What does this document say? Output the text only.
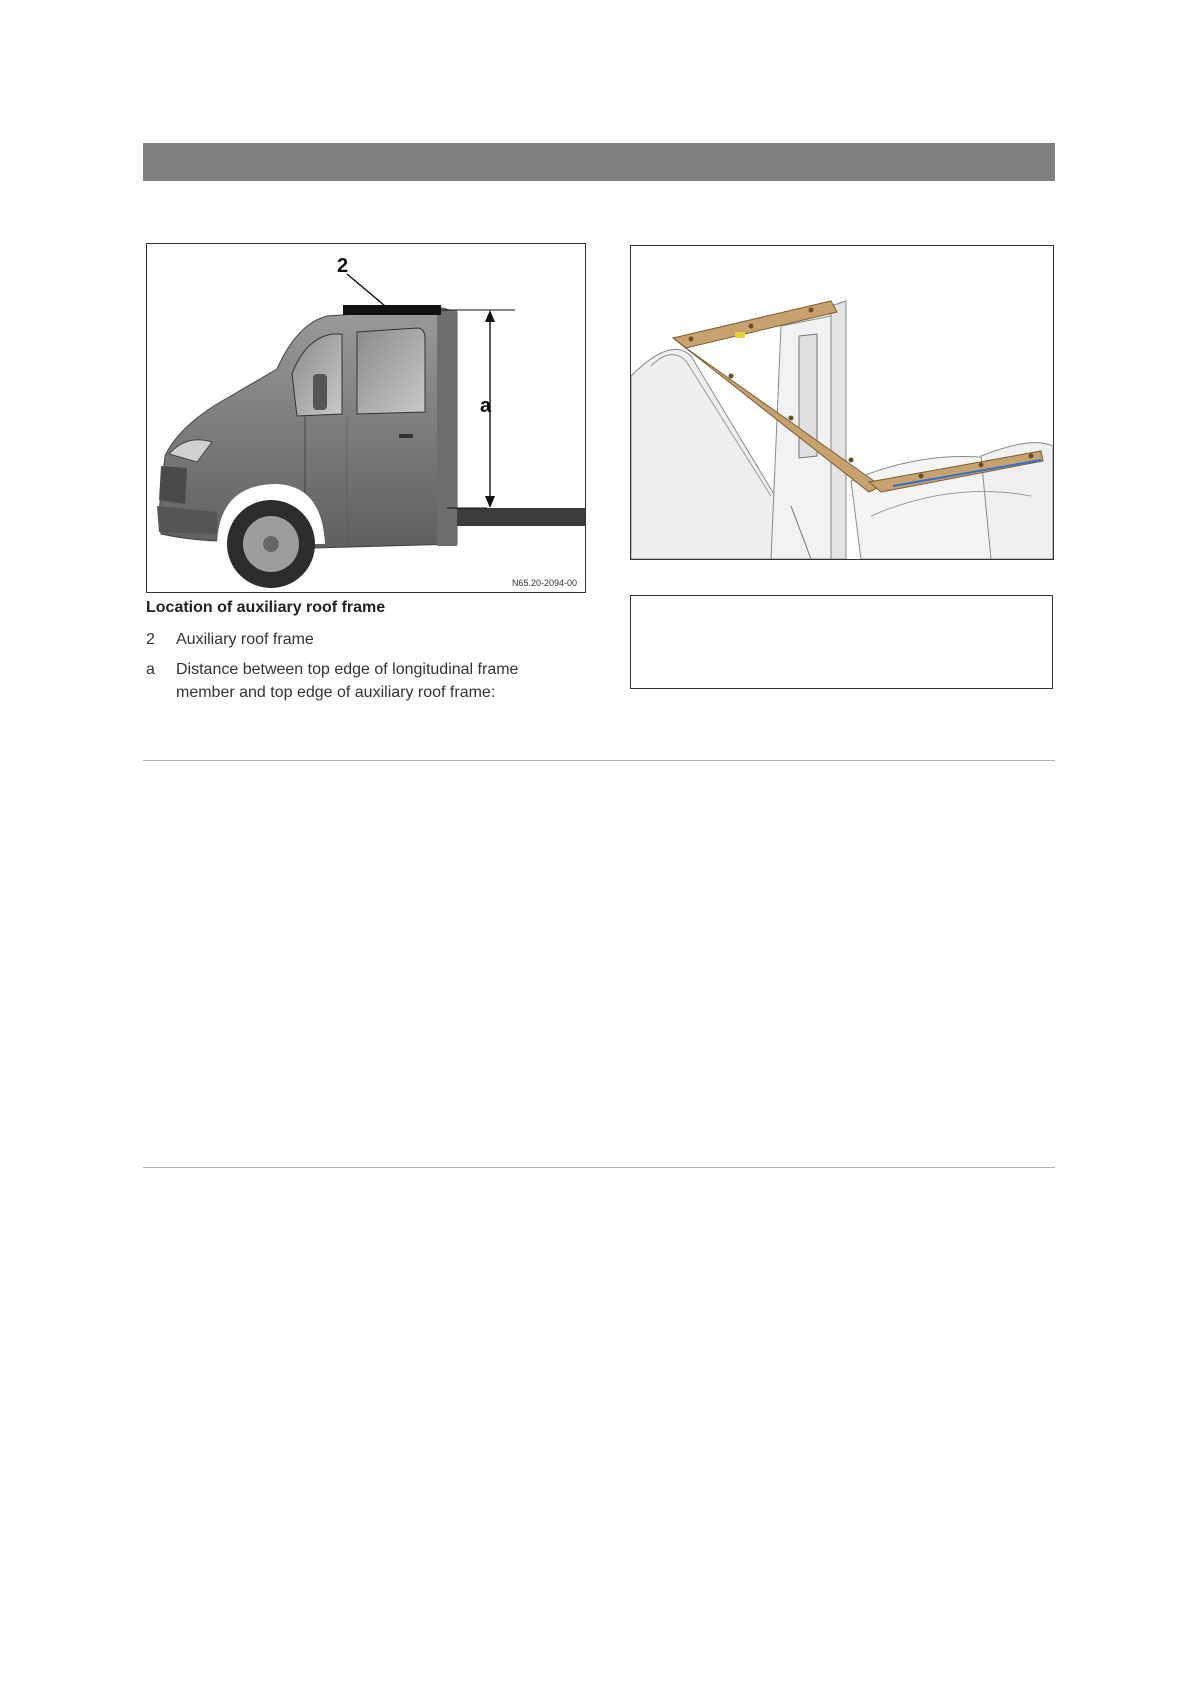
2
a
N65.20-2094-00
Location of auxiliary roof frame
2	Auxiliary roof frame
a	Distance between top edge of longitudinal frame member and top edge of auxiliary roof frame:
